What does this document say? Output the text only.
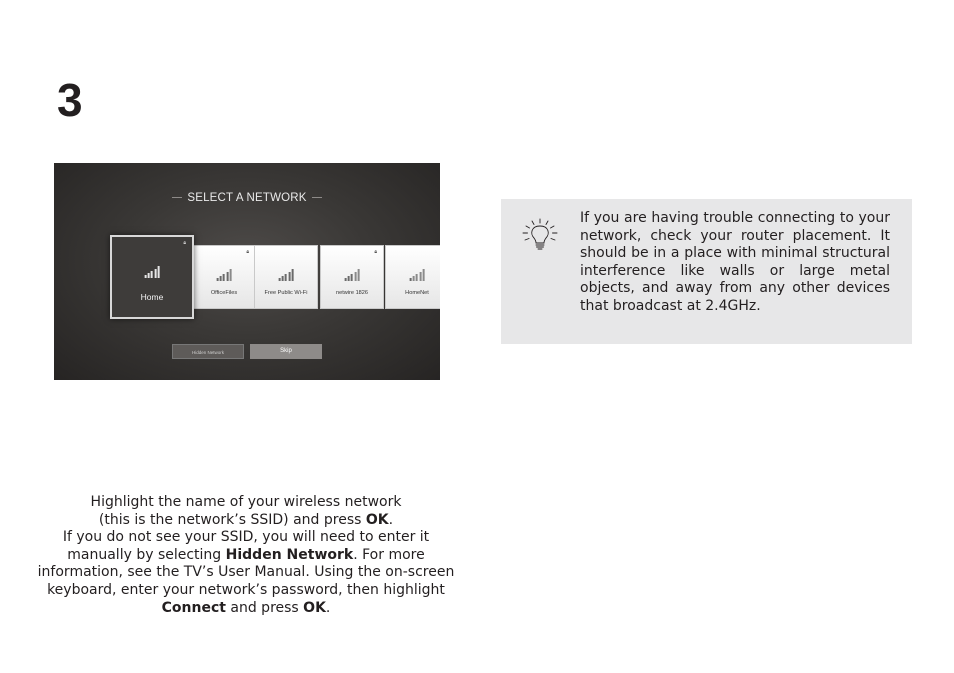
3
SELECT A NETWORK
🔒︎
OfficeFiles	Free Public Wi-Fi
🔒︎
netwire 1826	HomeNet
🔒︎
Home
Hidden Network	Skip

If you are having trouble connecting to your network, check your router placement. It should be in a place with minimal structural interference like walls or large metal objects, and away from any other devices that broadcast at 2.4GHz.

Highlight the name of your wireless network

(this is the network’s SSID) and press OK.

If you do not see your SSID, you will need to enter it

manually by selecting Hidden Network. For more

information, see the TV’s User Manual. Using the on-screen

keyboard, enter your network’s password, then highlight

Connect and press OK.
